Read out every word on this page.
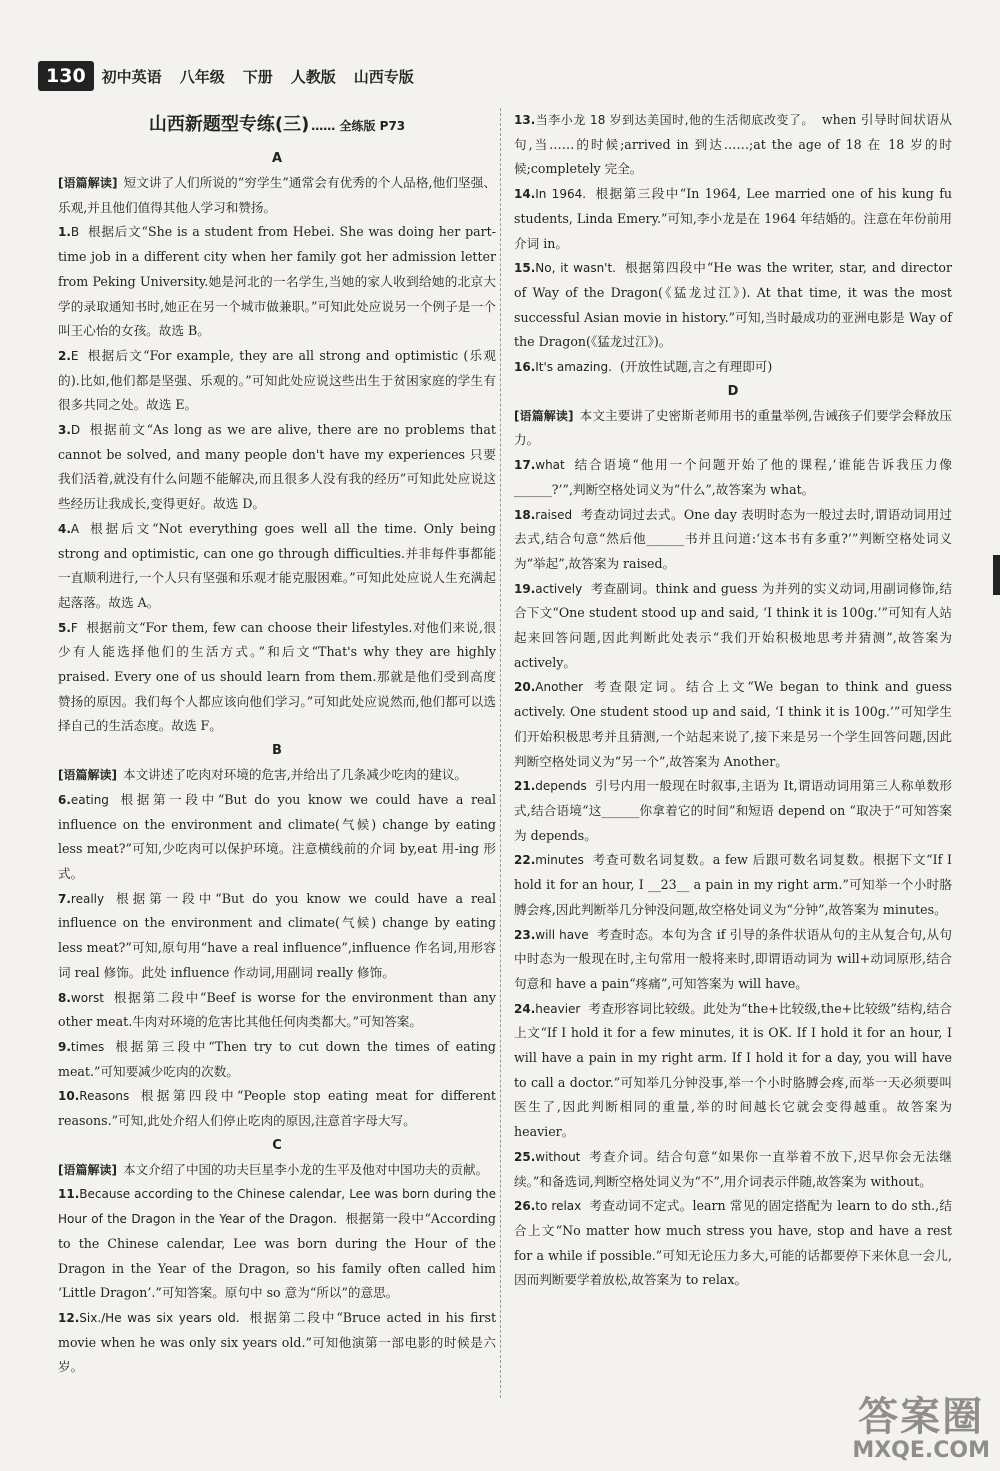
130	初中英语 八年级 下册 人教版 山西专版
山西新题型专练(三) …… 全练版 P73
A

[语篇解读] 短文讲了人们所说的“穷学生”通常会有优秀的个人品格,他们坚强、乐观,并且他们值得其他人学习和赞扬。

1.B 根据后文“She is a student from Hebei. She was doing her part-time job in a different city when her family got her admission letter from Peking University.她是河北的一名学生,当她的家人收到给她的北京大学的录取通知书时,她正在另一个城市做兼职。”可知此处应说另一个例子是一个叫王心怡的女孩。故选 B。

2.E 根据后文“For example, they are all strong and optimistic (乐观的).比如,他们都是坚强、乐观的。”可知此处应说这些出生于贫困家庭的学生有很多共同之处。故选 E。

3.D 根据前文“As long as we are alive, there are no problems that cannot be solved, and many people don't have my experiences 只要我们活着,就没有什么问题不能解决,而且很多人没有我的经历”可知此处应说这些经历让我成长,变得更好。故选 D。

4.A 根据后文“Not everything goes well all the time. Only being strong and optimistic, can one go through difficulties.并非每件事都能一直顺利进行,一个人只有坚强和乐观才能克服困难。”可知此处应说人生充满起起落落。故选 A。

5.F 根据前文“For them, few can choose their lifestyles.对他们来说,很少有人能选择他们的生活方式。”和后文“That's why they are highly praised. Every one of us should learn from them.那就是他们受到高度赞扬的原因。我们每个人都应该向他们学习。”可知此处应说然而,他们都可以选择自己的生活态度。故选 F。

B

[语篇解读] 本文讲述了吃肉对环境的危害,并给出了几条减少吃肉的建议。

6.eating 根据第一段中“But do you know we could have a real influence on the environment and climate(气候) change by eating less meat?”可知,少吃肉可以保护环境。注意横线前的介词 by,eat 用-ing 形式。

7.really 根据第一段中“But do you know we could have a real influence on the environment and climate(气候) change by eating less meat?”可知,原句用“have a real influence”,influence 作名词,用形容词 real 修饰。此处 influence 作动词,用副词 really 修饰。

8.worst 根据第二段中“Beef is worse for the environment than any other meat.牛肉对环境的危害比其他任何肉类都大。”可知答案。

9.times 根据第三段中“Then try to cut down the times of eating meat.”可知要减少吃肉的次数。

10.Reasons 根据第四段中“People stop eating meat for different reasons.”可知,此处介绍人们停止吃肉的原因,注意首字母大写。

C

[语篇解读] 本文介绍了中国的功夫巨星李小龙的生平及他对中国功夫的贡献。

11.Because according to the Chinese calendar, Lee was born during the Hour of the Dragon in the Year of the Dragon. 根据第一段中“According to the Chinese calendar, Lee was born during the Hour of the Dragon in the Year of the Dragon, so his family often called him ‘Little Dragon’.”可知答案。原句中 so 意为“所以”的意思。

12.Six./He was six years old. 根据第二段中“Bruce acted in his first movie when he was only six years old.”可知他演第一部电影的时候是六岁。

13.当李小龙 18 岁到达美国时,他的生活彻底改变了。 when 引导时间状语从句,当……的时候;arrived in 到达……;at the age of 18 在 18 岁的时候;completely 完全。

14.In 1964. 根据第三段中“In 1964, Lee married one of his kung fu students, Linda Emery.”可知,李小龙是在 1964 年结婚的。注意在年份前用介词 in。

15.No, it wasn't. 根据第四段中“He was the writer, star, and director of Way of the Dragon(《猛龙过江》). At that time, it was the most successful Asian movie in history.”可知,当时最成功的亚洲电影是 Way of the Dragon(《猛龙过江》)。

16.It's amazing. (开放性试题,言之有理即可)

D

[语篇解读] 本文主要讲了史密斯老师用书的重量举例,告诫孩子们要学会释放压力。

17.what 结合语境“他用一个问题开始了他的课程,‘谁能告诉我压力像______?’”,判断空格处词义为“什么”,故答案为 what。

18.raised 考查动词过去式。One day 表明时态为一般过去时,谓语动词用过去式,结合句意“然后他______书并且问道:‘这本书有多重?’”判断空格处词义为“举起”,故答案为 raised。

19.actively 考查副词。think and guess 为并列的实义动词,用副词修饰,结合下文“One student stood up and said, ‘I think it is 100g.’”可知有人站起来回答问题,因此判断此处表示“我们开始积极地思考并猜测”,故答案为 actively。

20.Another 考查限定词。结合上文“We began to think and guess actively. One student stood up and said, ‘I think it is 100g.’”可知学生们开始积极思考并且猜测,一个站起来说了,接下来是另一个学生回答问题,因此判断空格处词义为“另一个”,故答案为 Another。

21.depends 引号内用一般现在时叙事,主语为 It,谓语动词用第三人称单数形式,结合语境“这______你拿着它的时间”和短语 depend on “取决于”可知答案为 depends。

22.minutes 考查可数名词复数。a few 后跟可数名词复数。根据下文“If I hold it for an hour, I __23__ a pain in my right arm.”可知举一个小时胳膊会疼,因此判断举几分钟没问题,故空格处词义为“分钟”,故答案为 minutes。

23.will have 考查时态。本句为含 if 引导的条件状语从句的主从复合句,从句中时态为一般现在时,主句常用一般将来时,即谓语动词为 will+动词原形,结合句意和 have a pain“疼痛”,可知答案为 will have。

24.heavier 考查形容词比较级。此处为“the+比较级,the+比较级”结构,结合上文“If I hold it for a few minutes, it is OK. If I hold it for an hour, I will have a pain in my right arm. If I hold it for a day, you will have to call a doctor.”可知举几分钟没事,举一个小时胳膊会疼,而举一天必须要叫医生了,因此判断相同的重量,举的时间越长它就会变得越重。故答案为 heavier。

25.without 考查介词。结合句意“如果你一直举着不放下,迟早你会无法继续。”和备选词,判断空格处词义为“不”,用介词表示伴随,故答案为 without。

26.to relax 考查动词不定式。learn 常见的固定搭配为 learn to do sth.,结合上文“No matter how much stress you have, stop and have a rest for a while if possible.”可知无论压力多大,可能的话都要停下来休息一会儿,因而判断要学着放松,故答案为 to relax。

答案圈
MXQE.COM
